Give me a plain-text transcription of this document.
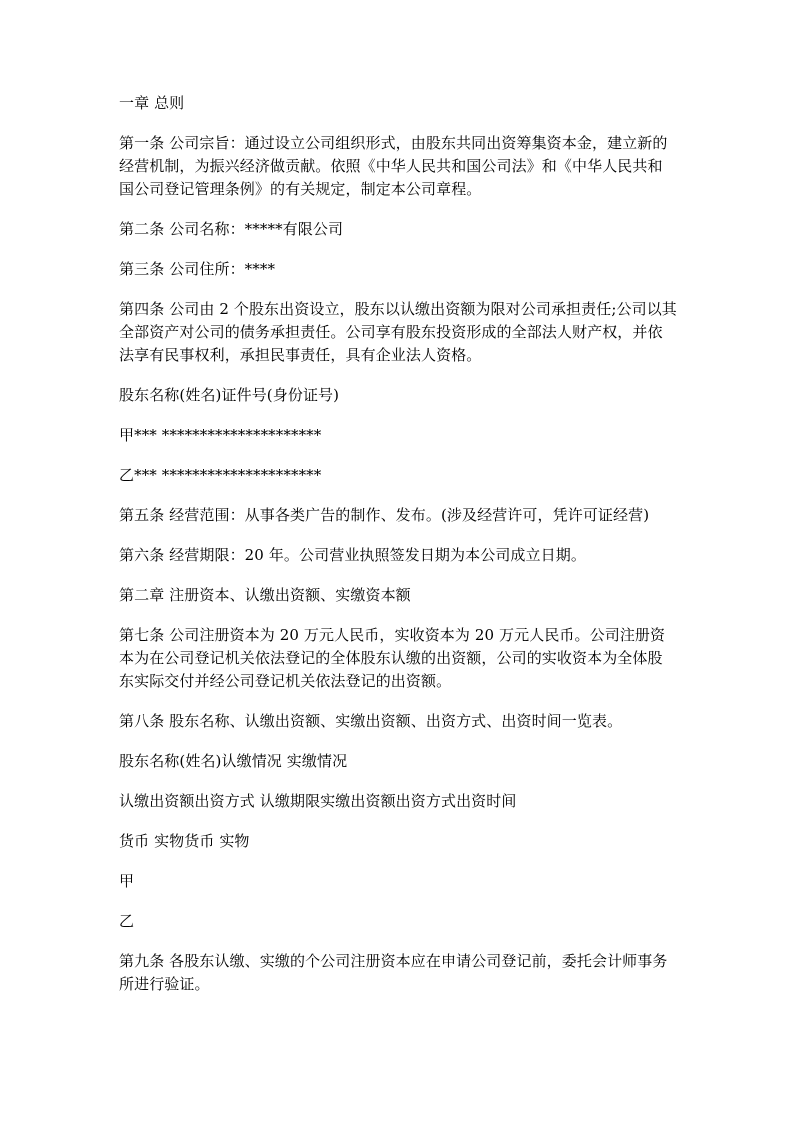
一章 总则

第一条 公司宗旨：通过设立公司组织形式，由股东共同出资筹集资本金，建立新的经营机制，为振兴经济做贡献。依照《中华人民共和国公司法》和《中华人民共和国公司登记管理条例》的有关规定，制定本公司章程。

第二条 公司名称：*****有限公司

第三条 公司住所：****

第四条 公司由 2 个股东出资设立，股东以认缴出资额为限对公司承担责任;公司以其全部资产对公司的债务承担责任。公司享有股东投资形成的全部法人财产权，并依法享有民事权利，承担民事责任，具有企业法人资格。

股东名称(姓名)证件号(身份证号)

甲*** *********************

乙*** *********************

第五条 经营范围：从事各类广告的制作、发布。(涉及经营许可，凭许可证经营)

第六条 经营期限：20 年。公司营业执照签发日期为本公司成立日期。

第二章 注册资本、认缴出资额、实缴资本额

第七条 公司注册资本为 20 万元人民币，实收资本为 20 万元人民币。公司注册资本为在公司登记机关依法登记的全体股东认缴的出资额，公司的实收资本为全体股东实际交付并经公司登记机关依法登记的出资额。

第八条 股东名称、认缴出资额、实缴出资额、出资方式、出资时间一览表。

股东名称(姓名)认缴情况 实缴情况

认缴出资额出资方式 认缴期限实缴出资额出资方式出资时间

货币 实物货币 实物

甲

乙

第九条 各股东认缴、实缴的个公司注册资本应在申请公司登记前，委托会计师事务所进行验证。
